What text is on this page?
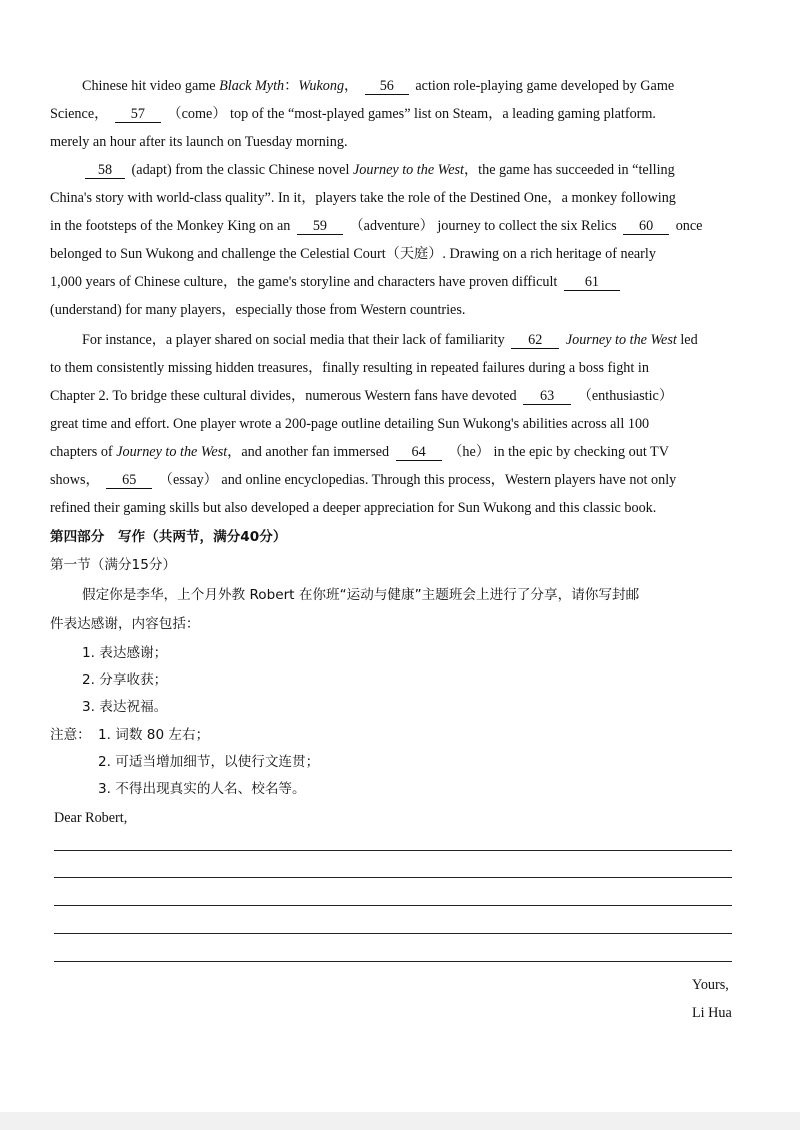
Chinese hit video game Black Myth：Wukong， 56 action role-playing game developed by Game
Science， 57 （come） top of the “most-played games” list on Steam，a leading gaming platform.
merely an hour after its launch on Tuesday morning.
58 (adapt) from the classic Chinese novel Journey to the West，the game has succeeded in “telling
China's story with world-class quality”. In it，players take the role of the Destined One，a monkey following
in the footsteps of the Monkey King on an 59 （adventure） journey to collect the six Relics 60 once
belonged to Sun Wukong and challenge the Celestial Court（天庭）. Drawing on a rich heritage of nearly
1,000 years of Chinese culture，the game's storyline and characters have proven difficult 61
(understand) for many players，especially those from Western countries.
For instance，a player shared on social media that their lack of familiarity 62 Journey to the West led
to them consistently missing hidden treasures，finally resulting in repeated failures during a boss fight in
Chapter 2. To bridge these cultural divides，numerous Western fans have devoted 63 （enthusiastic）
great time and effort. One player wrote a 200-page outline detailing Sun Wukong's abilities across all 100
chapters of Journey to the West，and another fan immersed 64 （he） in the epic by checking out TV
shows， 65 （essay） and online encyclopedias. Through this process，Western players have not only
refined their gaming skills but also developed a deeper appreciation for Sun Wukong and this classic book.
第四部分　写作（共两节，满分40分）
第一节（满分15分）
假定你是李华，上个月外教 Robert 在你班“运动与健康”主题班会上进行了分享，请你写封邮
件表达感谢，内容包括：
1. 表达感谢；
2. 分享收获；
3. 表达祝福。
注意： 1. 词数 80 左右；
2. 可适当增加细节，以使行文连贯；
3. 不得出现真实的人名、校名等。
Dear Robert,
Yours,
Li Hua
